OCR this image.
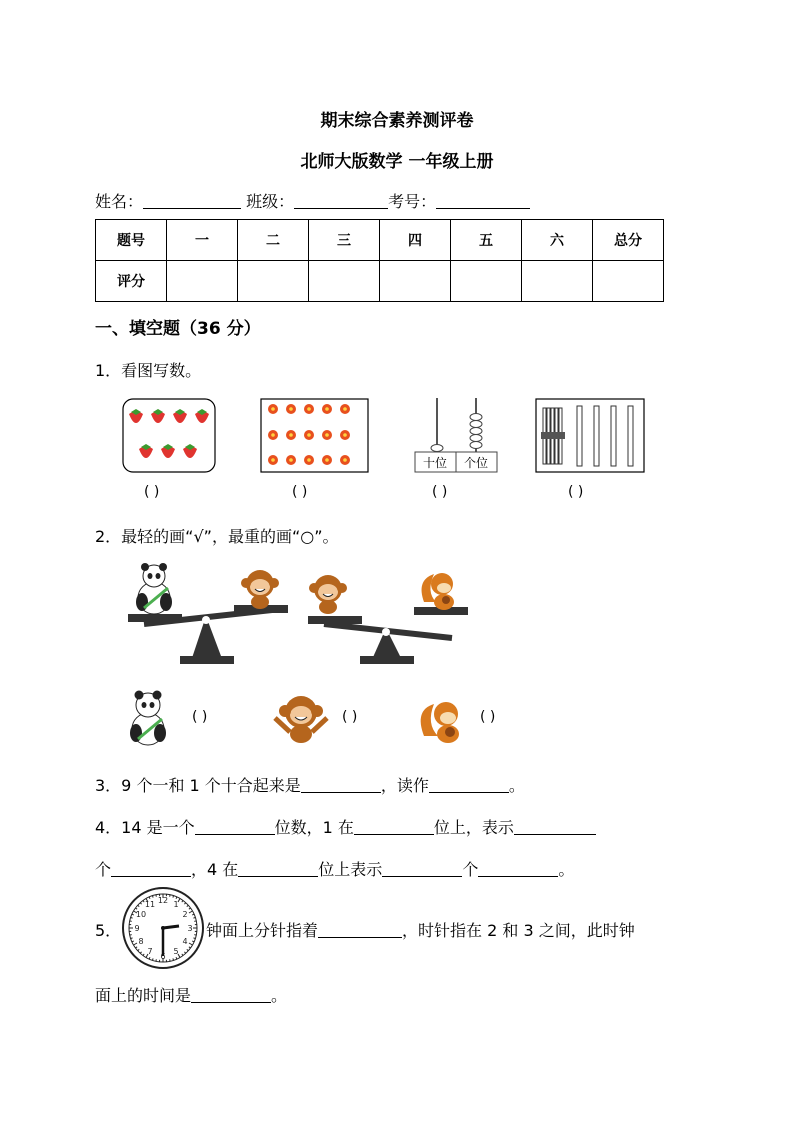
期末综合素养测评卷
北师大版数学 一年级上册
姓名：	班级：	考号：
题号	一	二	三	四	五	六	总分
评分							
一、填空题（36 分）
1．看图写数。
十位 个位
( )	( )	( )	( )
2．最轻的画“√”，最重的画“○”。
( )	( )	( )
3．9 个一和 1 个十合起来是	，读作	。
4．14 是一个	位数，1 在	位上，表示
个	，4 在	位上表示	个	。
5．
12 1
2
3
4
5
6
7
8
9
10
11
钟面上分针指着	，时针指在 2 和 3 之间，此时钟
面上的时间是	。
